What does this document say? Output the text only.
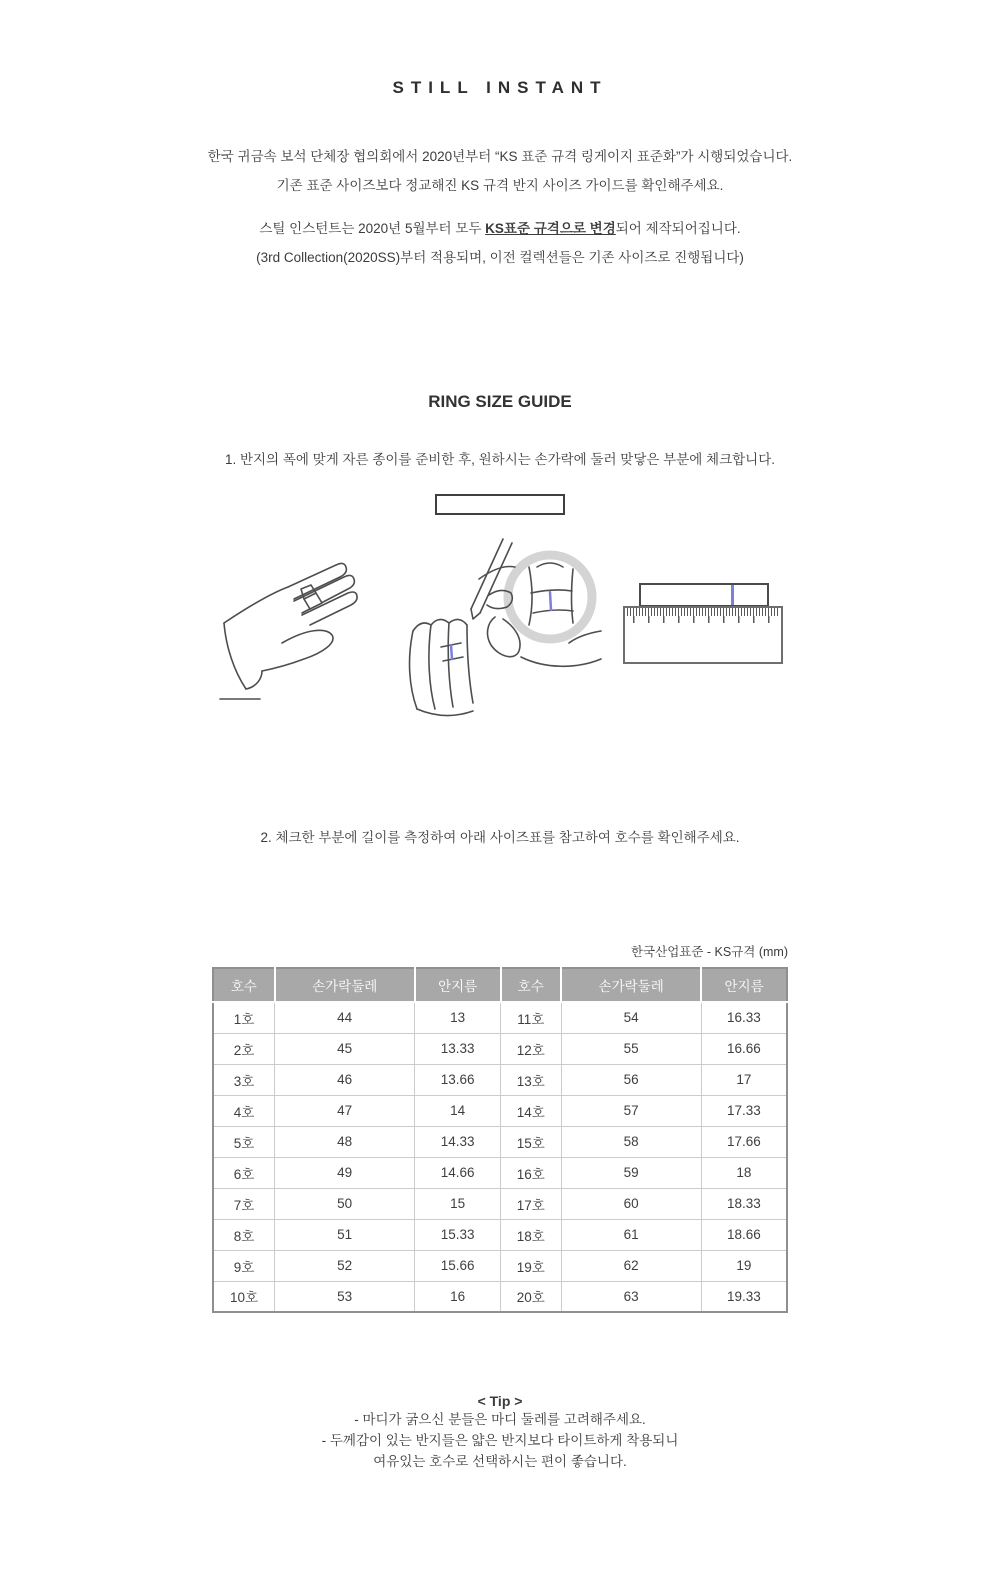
STILL INSTANT
한국 귀금속 보석 단체장 협의회에서 2020년부터 “KS 표준 규격 링게이지 표준화”가 시행되었습니다.
기존 표준 사이즈보다 정교해진 KS 규격 반지 사이즈 가이드를 확인해주세요.
스틸 인스턴트는 2020년 5월부터 모두 KS표준 규격으로 변경되어 제작되어집니다.
(3rd Collection(2020SS)부터 적용되며, 이전 컬렉션들은 기존 사이즈로 진행됩니다)
RING SIZE GUIDE
1. 반지의 폭에 맞게 자른 종이를 준비한 후, 원하시는 손가락에 둘러 맞닿은 부분에 체크합니다.
2. 체크한 부분에 길이를 측정하여 아래 사이즈표를 참고하여 호수를 확인해주세요.
한국산업표준 - KS규격 (mm)
호수	손가락둘레	안지름	호수	손가락둘레	안지름
1호	44	13	11호	54	16.33
2호	45	13.33	12호	55	16.66
3호	46	13.66	13호	56	17
4호	47	14	14호	57	17.33
5호	48	14.33	15호	58	17.66
6호	49	14.66	16호	59	18
7호	50	15	17호	60	18.33
8호	51	15.33	18호	61	18.66
9호	52	15.66	19호	62	19
10호	53	16	20호	63	19.33
< Tip >
- 마디가 굵으신 분들은 마디 둘레를 고려해주세요.
- 두께감이 있는 반지들은 얇은 반지보다 타이트하게 착용되니
여유있는 호수로 선택하시는 편이 좋습니다.
